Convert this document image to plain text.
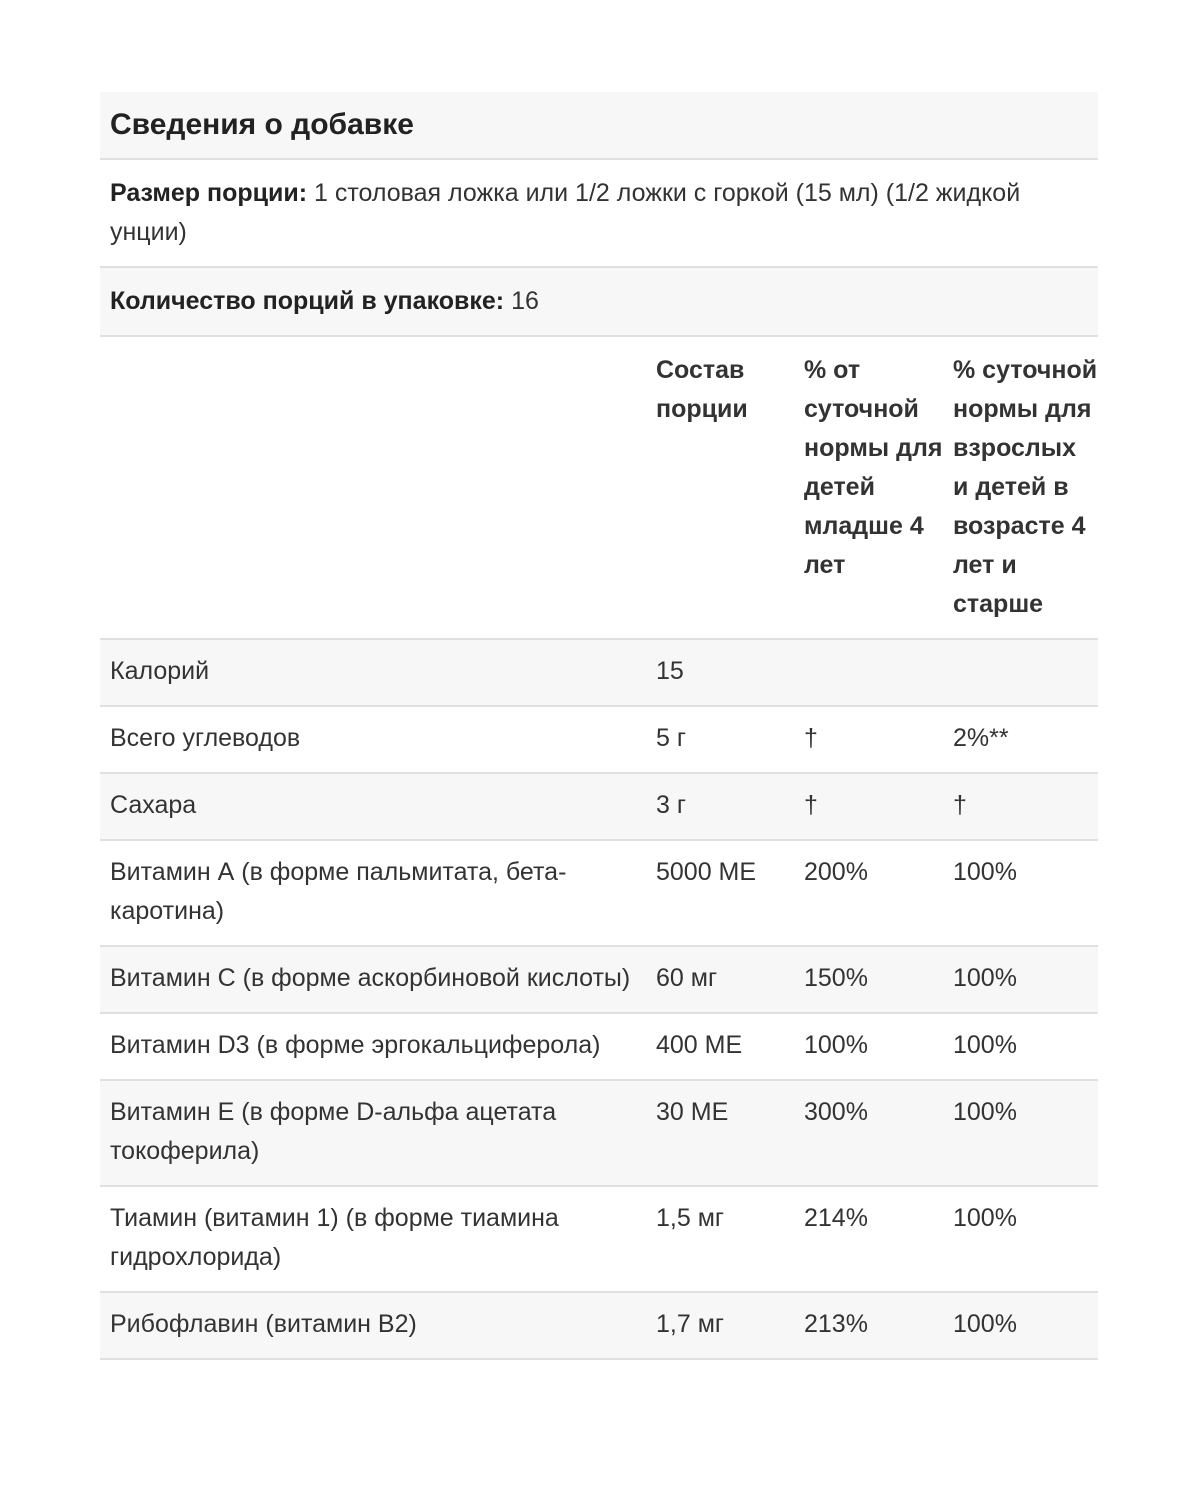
Сведения о добавке
Размер порции: 1 столовая ложка или 1/2 ложки с горкой (15 мл) (1/2 жидкой унции)
Количество порций в упаковке: 16
	Состав порции	% от суточной нормы для детей младше 4 лет	% суточной нормы для взрослых и детей в возрасте 4 лет и старше
Калорий	15		
Всего углеводов	5 г	†	2%**
Сахара	3 г	†	†
Витамин А (в форме пальмитата, бета-каротина)	5000 МЕ	200%	100%
Витамин С (в форме аскорбиновой кислоты)	60 мг	150%	100%
Витамин D3 (в форме эргокальциферола)	400 МЕ	100%	100%
Витамин Е (в форме D-альфа ацетата токоферила)	30 МЕ	300%	100%
Тиамин (витамин 1) (в форме тиамина гидрохлорида)	1,5 мг	214%	100%
Рибофлавин (витамин В2)	1,7 мг	213%	100%
